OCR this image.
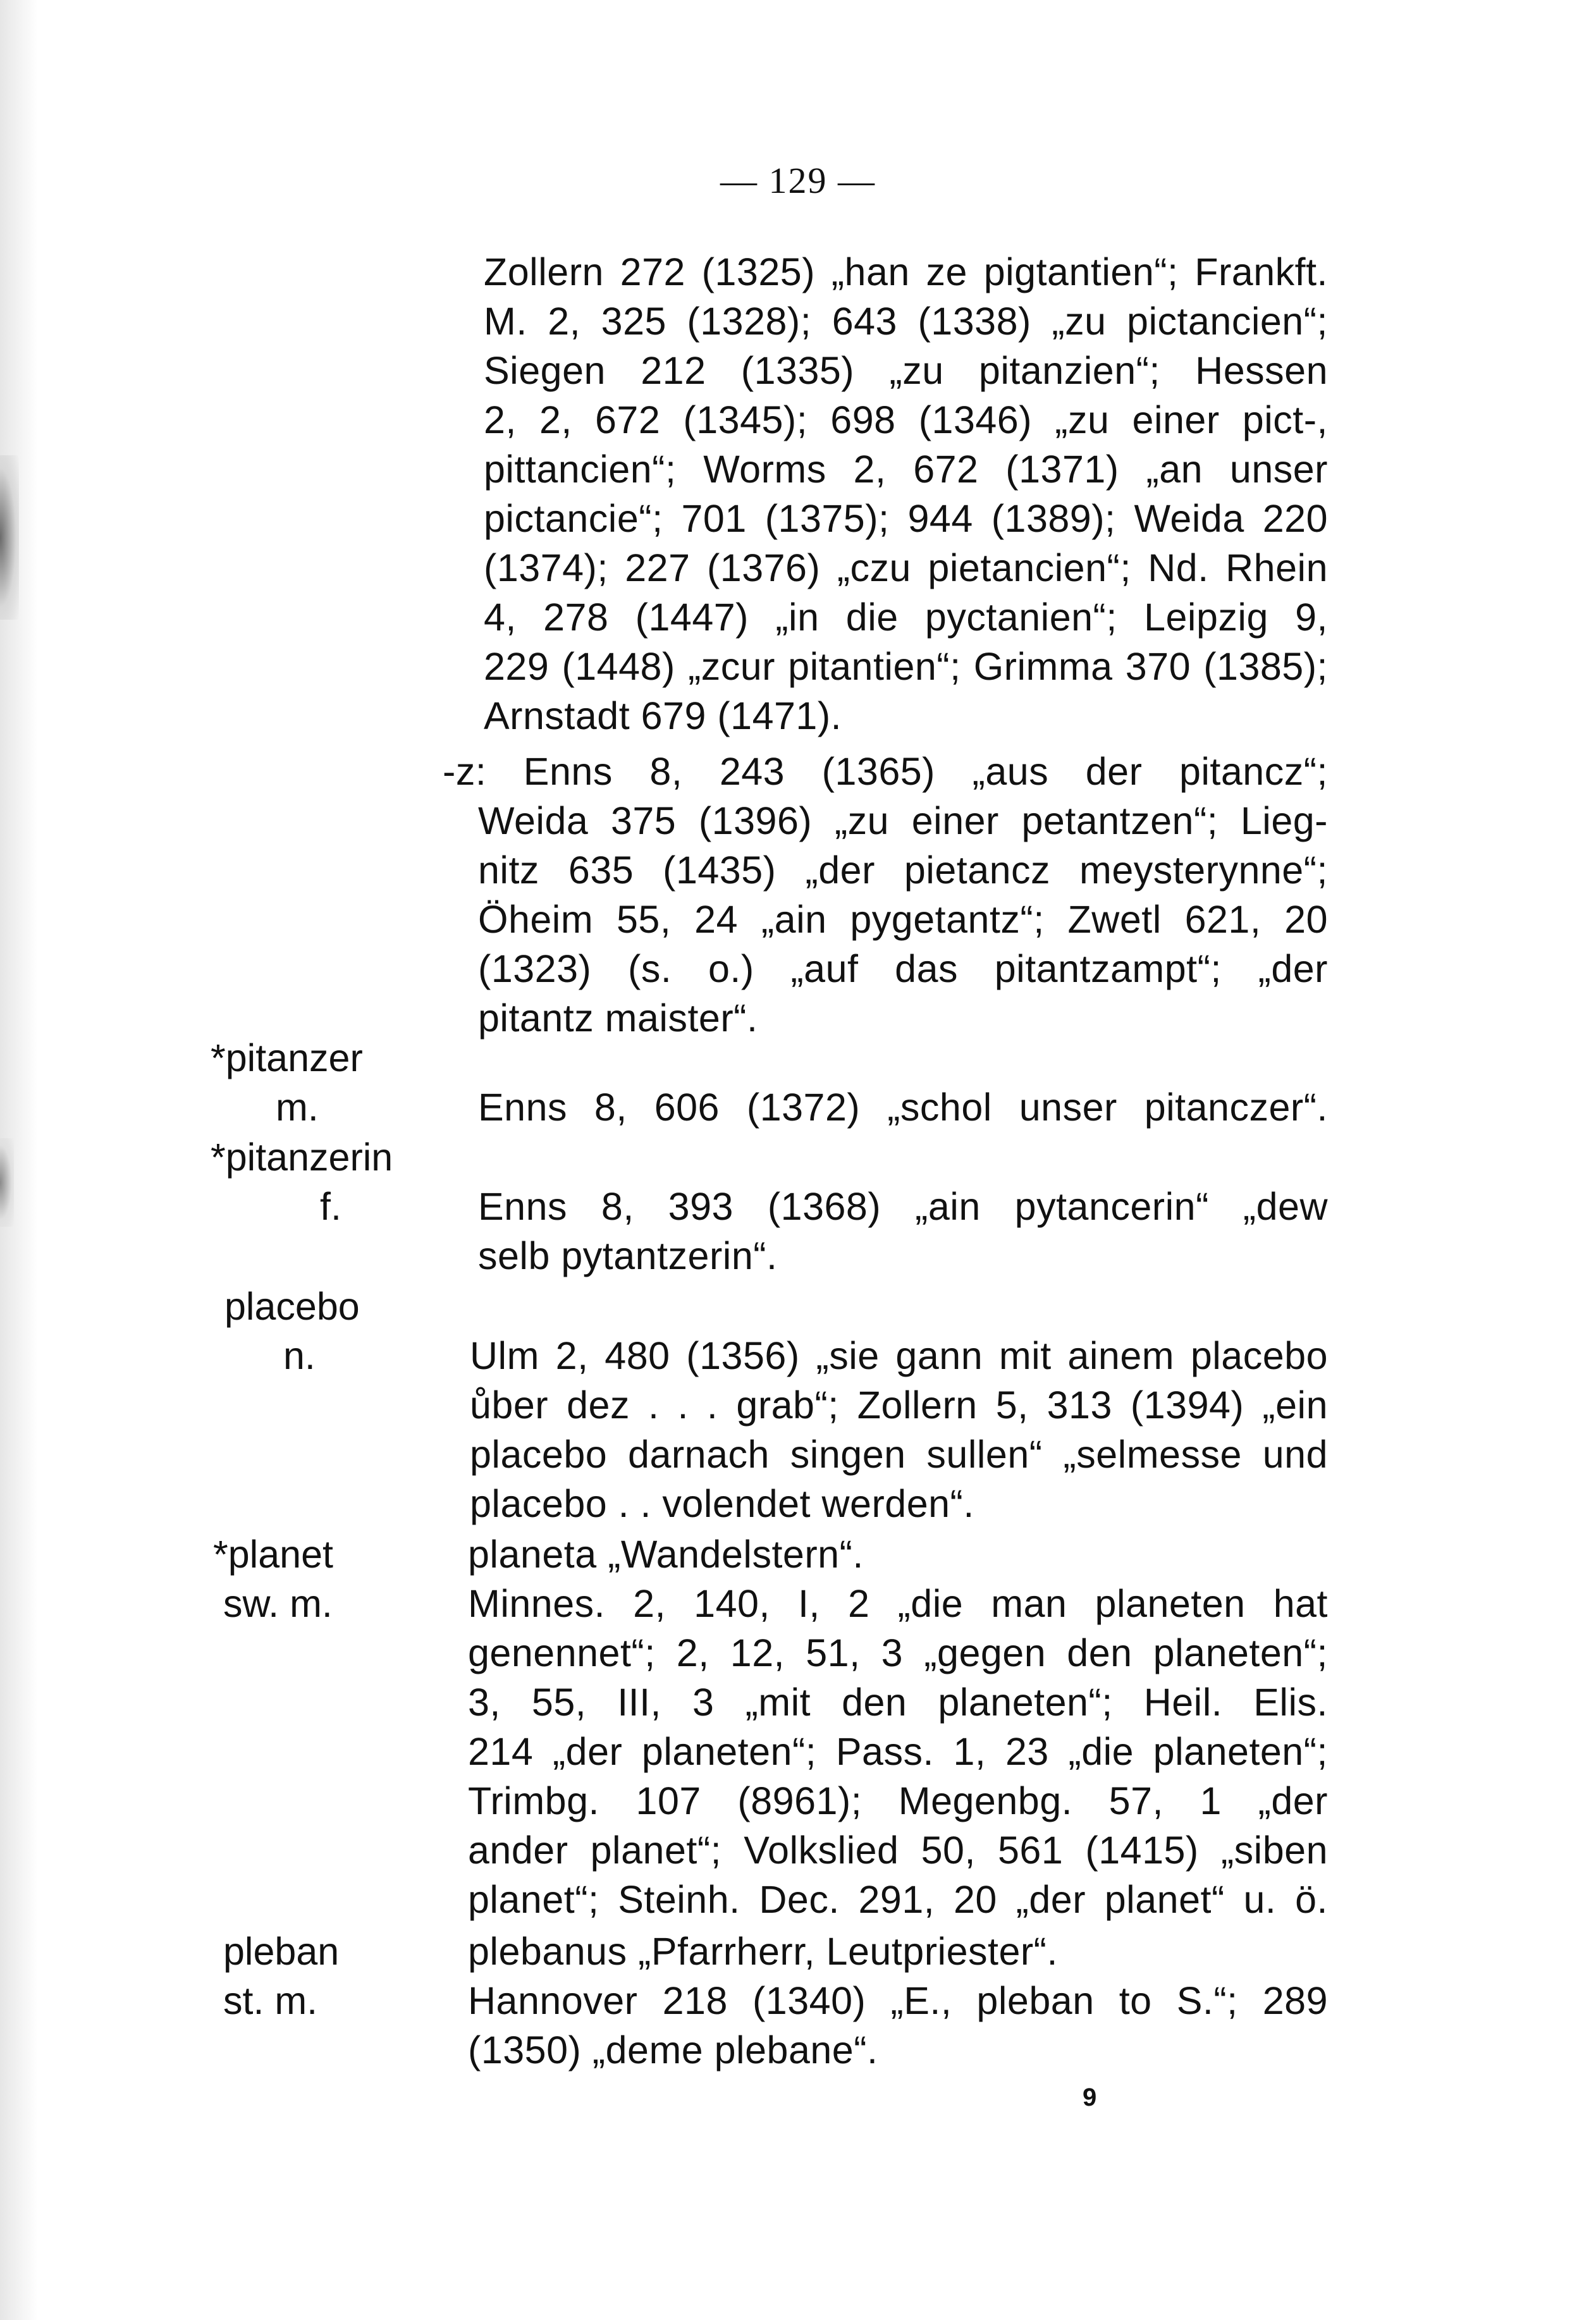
— 129 —
*pitanzer
m.
*pitanzerin
f.
placebo
n.
*planet
sw. m.
pleban
st. m.
Zollern 272 (1325) „han ze pigtantien“; Frankft.
M. 2, 325 (1328); 643 (1338) „zu pictancien“;
Siegen 212 (1335) „zu pitanzien“; Hessen
2, 2, 672 (1345); 698 (1346) „zu einer pict-,
pittancien“; Worms 2, 672 (1371) „an unser
pictancie“; 701 (1375); 944 (1389); Weida 220
(1374); 227 (1376) „czu pietancien“; Nd. Rhein
4, 278 (1447) „in die pyctanien“; Leipzig 9,
229 (1448) „zcur pitantien“; Grimma 370 (1385);
Arnstadt 679 (1471).
-z: Enns 8, 243 (1365) „aus der pitancz“;
Weida 375 (1396) „zu einer petantzen“; Lieg-
nitz 635 (1435) „der pietancz meysterynne“;
Öheim 55, 24 „ain pygetantz“; Zwetl 621, 20
(1323) (s. o.) „auf das pitantzampt“; „der
pitantz maister“.
Enns 8, 606 (1372) „schol unser pitanczer“.
Enns 8, 393 (1368) „ain pytancerin“ „dew
selb pytantzerin“.
Ulm 2, 480 (1356) „sie gann mit ainem placebo
ůber dez . . . grab“; Zollern 5, 313 (1394) „ein
placebo darnach singen sullen“ „selmesse und
placebo . . volendet werden“.
planeta „Wandelstern“.
Minnes. 2, 140, I, 2 „die man planeten hat
genennet“; 2, 12, 51, 3 „gegen den planeten“;
3, 55, III, 3 „mit den planeten“; Heil. Elis.
214 „der planeten“; Pass. 1, 23 „die planeten“;
Trimbg. 107 (8961); Megenbg. 57, 1 „der
ander planet“; Volkslied 50, 561 (1415) „siben
planet“; Steinh. Dec. 291, 20 „der planet“ u. ö.
plebanus „Pfarrherr, Leutpriester“.
Hannover 218 (1340) „E., pleban to S.“; 289
(1350) „deme plebane“.
9
